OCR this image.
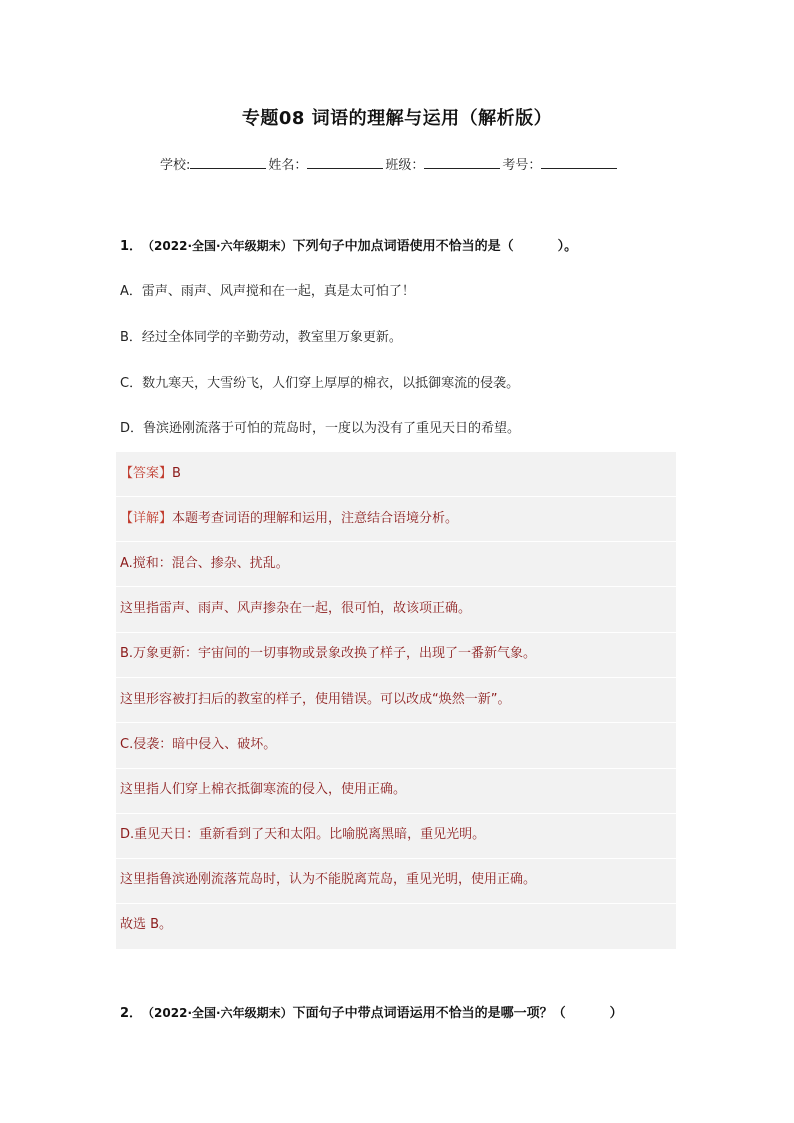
专题08 词语的理解与运用（解析版）
学校:	姓名：	班级：	考号：
1． （2022·全国·六年级期末）下列句子中加点词语使用不恰当的是（	）。
A．雷声、雨声、风声搅和在一起，真是太可怕了！
B．经过全体同学的辛勤劳动，教室里万象更新。
C．数九寒天，大雪纷飞，人们穿上厚厚的棉衣，以抵御寒流的侵袭。
D．鲁滨逊刚流落于可怕的荒岛时，一度以为没有了重见天日的希望。
【答案】B
【详解】本题考查词语的理解和运用，注意结合语境分析。
A.搅和：混合、掺杂、扰乱。
这里指雷声、雨声、风声掺杂在一起，很可怕，故该项正确。
B.万象更新：宇宙间的一切事物或景象改换了样子，出现了一番新气象。
这里形容被打扫后的教室的样子，使用错误。可以改成“焕然一新”。
C.侵袭：暗中侵入、破坏。
这里指人们穿上棉衣抵御寒流的侵入，使用正确。
D.重见天日：重新看到了天和太阳。比喻脱离黑暗，重见光明。
这里指鲁滨逊刚流落荒岛时，认为不能脱离荒岛，重见光明，使用正确。
故选 B。
2． （2022·全国·六年级期末）下面句子中带点词语运用不恰当的是哪一项？（	）
